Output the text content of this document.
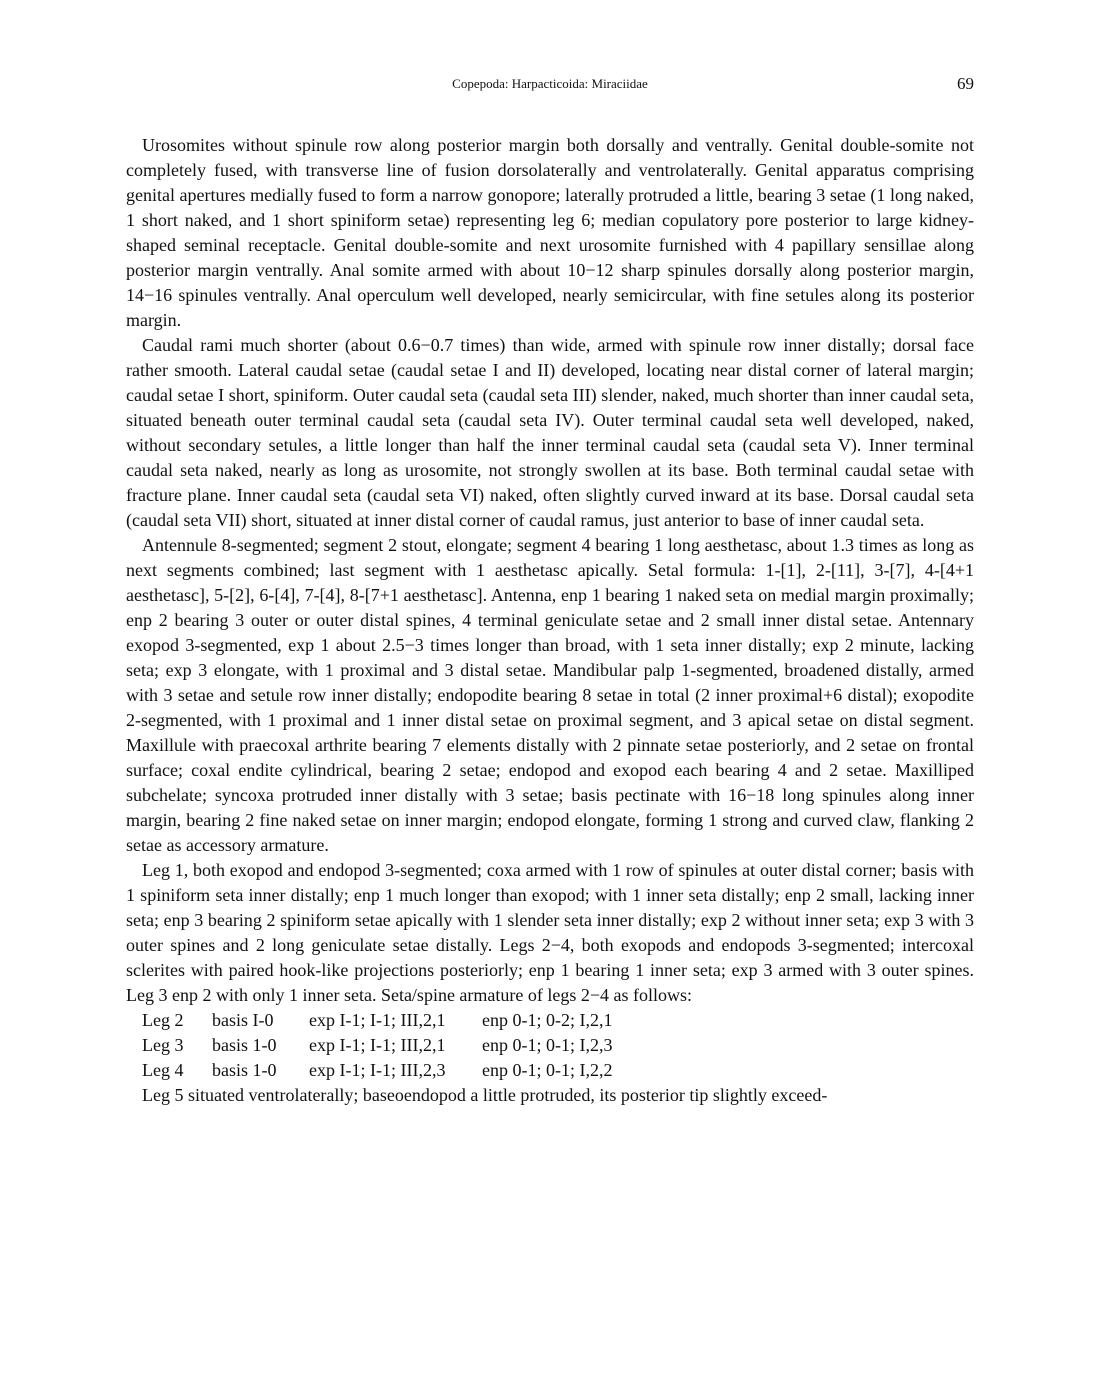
Copepoda: Harpacticoida: Miraciidae	69

Urosomites without spinule row along posterior margin both dorsally and ventrally. Genital double-somite not completely fused, with transverse line of fusion dorsolaterally and ventrolaterally. Genital apparatus comprising genital apertures medially fused to form a narrow gonopore; laterally protruded a little, bearing 3 setae (1 long naked, 1 short naked, and 1 short spiniform setae) representing leg 6; median copulatory pore posterior to large kidney-shaped seminal receptacle. Genital double-somite and next urosomite furnished with 4 papillary sensillae along posterior margin ventrally. Anal somite armed with about 10−12 sharp spinules dorsally along posterior margin, 14−16 spinules ventrally. Anal operculum well developed, nearly semicircular, with fine setules along its posterior margin.

Caudal rami much shorter (about 0.6−0.7 times) than wide, armed with spinule row inner distally; dorsal face rather smooth. Lateral caudal setae (caudal setae I and II) developed, locating near distal corner of lateral margin; caudal setae I short, spiniform. Outer caudal seta (caudal seta III) slender, naked, much shorter than inner caudal seta, situated beneath outer terminal caudal seta (caudal seta IV). Outer terminal caudal seta well developed, naked, without secondary setules, a little longer than half the inner terminal caudal seta (caudal seta V). Inner terminal caudal seta naked, nearly as long as urosomite, not strongly swollen at its base. Both terminal caudal setae with fracture plane. Inner caudal seta (caudal seta VI) naked, often slightly curved inward at its base. Dorsal caudal seta (caudal seta VII) short, situated at inner distal corner of caudal ramus, just anterior to base of inner caudal seta.

Antennule 8-segmented; segment 2 stout, elongate; segment 4 bearing 1 long aesthetasc, about 1.3 times as long as next segments combined; last segment with 1 aesthetasc apically. Setal formula: 1-[1], 2-[11], 3-[7], 4-[4+1 aesthetasc], 5-[2], 6-[4], 7-[4], 8-[7+1 aesthetasc]. Antenna, enp 1 bearing 1 naked seta on medial margin proximally; enp 2 bearing 3 outer or outer distal spines, 4 terminal geniculate setae and 2 small inner distal setae. Antennary exopod 3-segmented, exp 1 about 2.5−3 times longer than broad, with 1 seta inner distally; exp 2 minute, lacking seta; exp 3 elongate, with 1 proximal and 3 distal setae. Mandibular palp 1-segmented, broadened distally, armed with 3 setae and setule row inner distally; endopodite bearing 8 setae in total (2 inner proximal+6 distal); exopodite 2-segmented, with 1 proximal and 1 inner distal setae on proximal segment, and 3 apical setae on distal segment. Maxillule with praecoxal arthrite bearing 7 elements distally with 2 pinnate setae posteriorly, and 2 setae on frontal surface; coxal endite cylindrical, bearing 2 setae; endopod and exopod each bearing 4 and 2 setae. Maxilliped subchelate; syncoxa protruded inner distally with 3 setae; basis pectinate with 16−18 long spinules along inner margin, bearing 2 fine naked setae on inner margin; endopod elongate, forming 1 strong and curved claw, flanking 2 setae as accessory armature.

Leg 1, both exopod and endopod 3-segmented; coxa armed with 1 row of spinules at outer distal corner; basis with 1 spiniform seta inner distally; enp 1 much longer than exopod; with 1 inner seta distally; enp 2 small, lacking inner seta; enp 3 bearing 2 spiniform setae apically with 1 slender seta inner distally; exp 2 without inner seta; exp 3 with 3 outer spines and 2 long geniculate setae distally. Legs 2−4, both exopods and endopods 3-segmented; intercoxal sclerites with paired hook-like projections posteriorly; enp 1 bearing 1 inner seta; exp 3 armed with 3 outer spines. Leg 3 enp 2 with only 1 inner seta. Seta/spine armature of legs 2−4 as follows:

Leg 2	basis I-0	exp I-1; I-1; III,2,1	enp 0-1; 0-2; I,2,1
Leg 3	basis 1-0	exp I-1; I-1; III,2,1	enp 0-1; 0-1; I,2,3
Leg 4	basis 1-0	exp I-1; I-1; III,2,3	enp 0-1; 0-1; I,2,2

Leg 5 situated ventrolaterally; baseoendopod a little protruded, its posterior tip slightly exceed-
